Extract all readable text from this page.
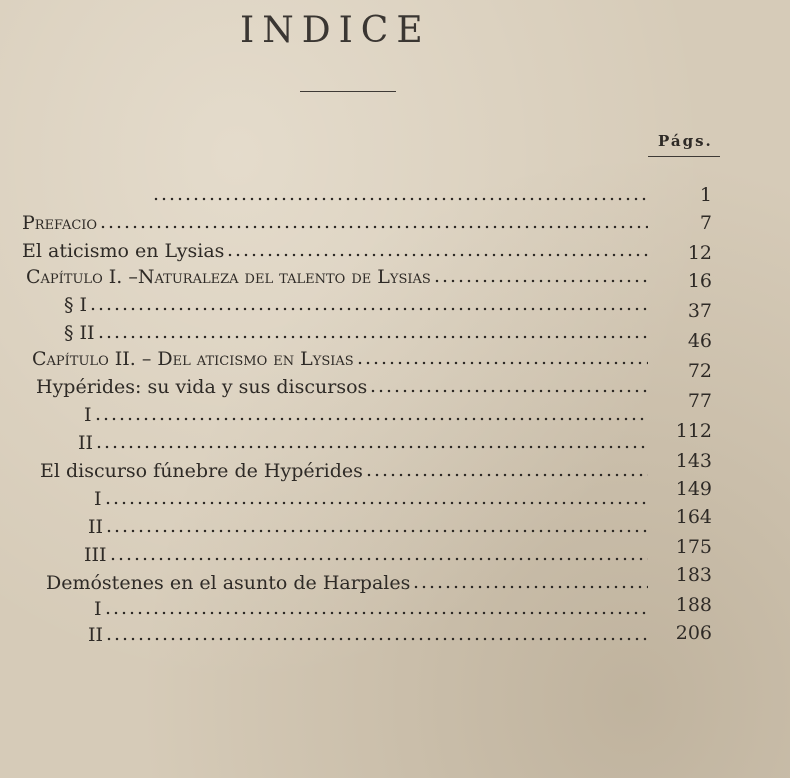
INDICE
Págs.
Prefacio
El aticismo en Lysias
Capítulo I. –Naturaleza del talento de Lysias
§ I
§ II
Capítulo II. – Del aticismo en Lysias
Hypérides: su vida y sus discursos
I
II
El discurso fúnebre de Hypérides
I
II
III
Demóstenes en el asunto de Harpales
I
II
1
7
12
16
37
46
72
77
112
143
149
164
175
183
188
206
